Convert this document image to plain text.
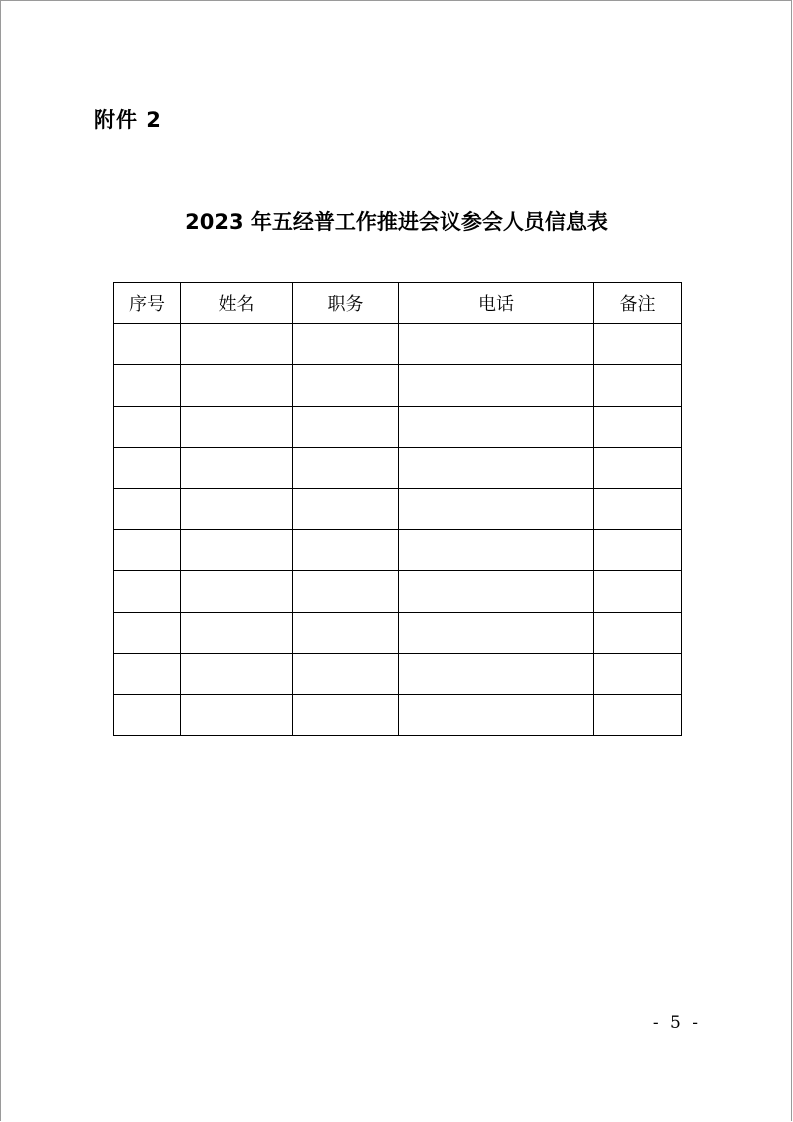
附件 2
2023 年五经普工作推进会议参会人员信息表
序号	姓名	职务	电话	备注

- 5 -
